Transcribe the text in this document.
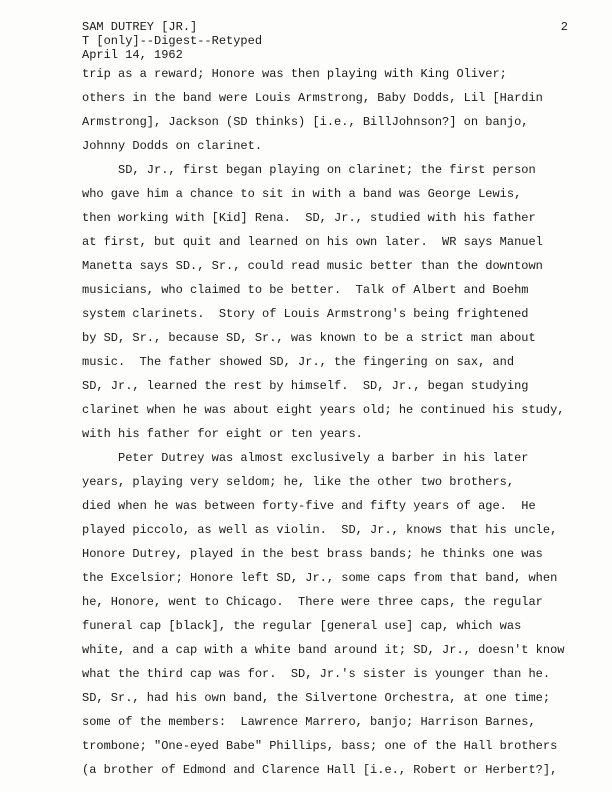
SAM DUTREY [JR.]
T [only]--Digest--Retyped
April 14, 1962
2
trip as a reward; Honore was then playing with King Oliver;
others in the band were Louis Armstrong, Baby Dodds, Lil [Hardin
Armstrong], Jackson (SD thinks) [i.e., BillJohnson?] on banjo,
Johnny Dodds on clarinet.
SD, Jr., first began playing on clarinet; the first person
who gave him a chance to sit in with a band was George Lewis,
then working with [Kid] Rena.  SD, Jr., studied with his father
at first, but quit and learned on his own later.  WR says Manuel
Manetta says SD., Sr., could read music better than the downtown
musicians, who claimed to be better.  Talk of Albert and Boehm
system clarinets.  Story of Louis Armstrong's being frightened
by SD, Sr., because SD, Sr., was known to be a strict man about
music.  The father showed SD, Jr., the fingering on sax, and
SD, Jr., learned the rest by himself.  SD, Jr., began studying
clarinet when he was about eight years old; he continued his study,
with his father for eight or ten years.
Peter Dutrey was almost exclusively a barber in his later
years, playing very seldom; he, like the other two brothers,
died when he was between forty-five and fifty years of age.  He
played piccolo, as well as violin.  SD, Jr., knows that his uncle,
Honore Dutrey, played in the best brass bands; he thinks one was
the Excelsior; Honore left SD, Jr., some caps from that band, when
he, Honore, went to Chicago.  There were three caps, the regular
funeral cap [black], the regular [general use] cap, which was
white, and a cap with a white band around it; SD, Jr., doesn't know
what the third cap was for.  SD, Jr.'s sister is younger than he.
SD, Sr., had his own band, the Silvertone Orchestra, at one time;
some of the members:  Lawrence Marrero, banjo; Harrison Barnes,
trombone; "One-eyed Babe" Phillips, bass; one of the Hall brothers
(a brother of Edmond and Clarence Hall [i.e., Robert or Herbert?],
